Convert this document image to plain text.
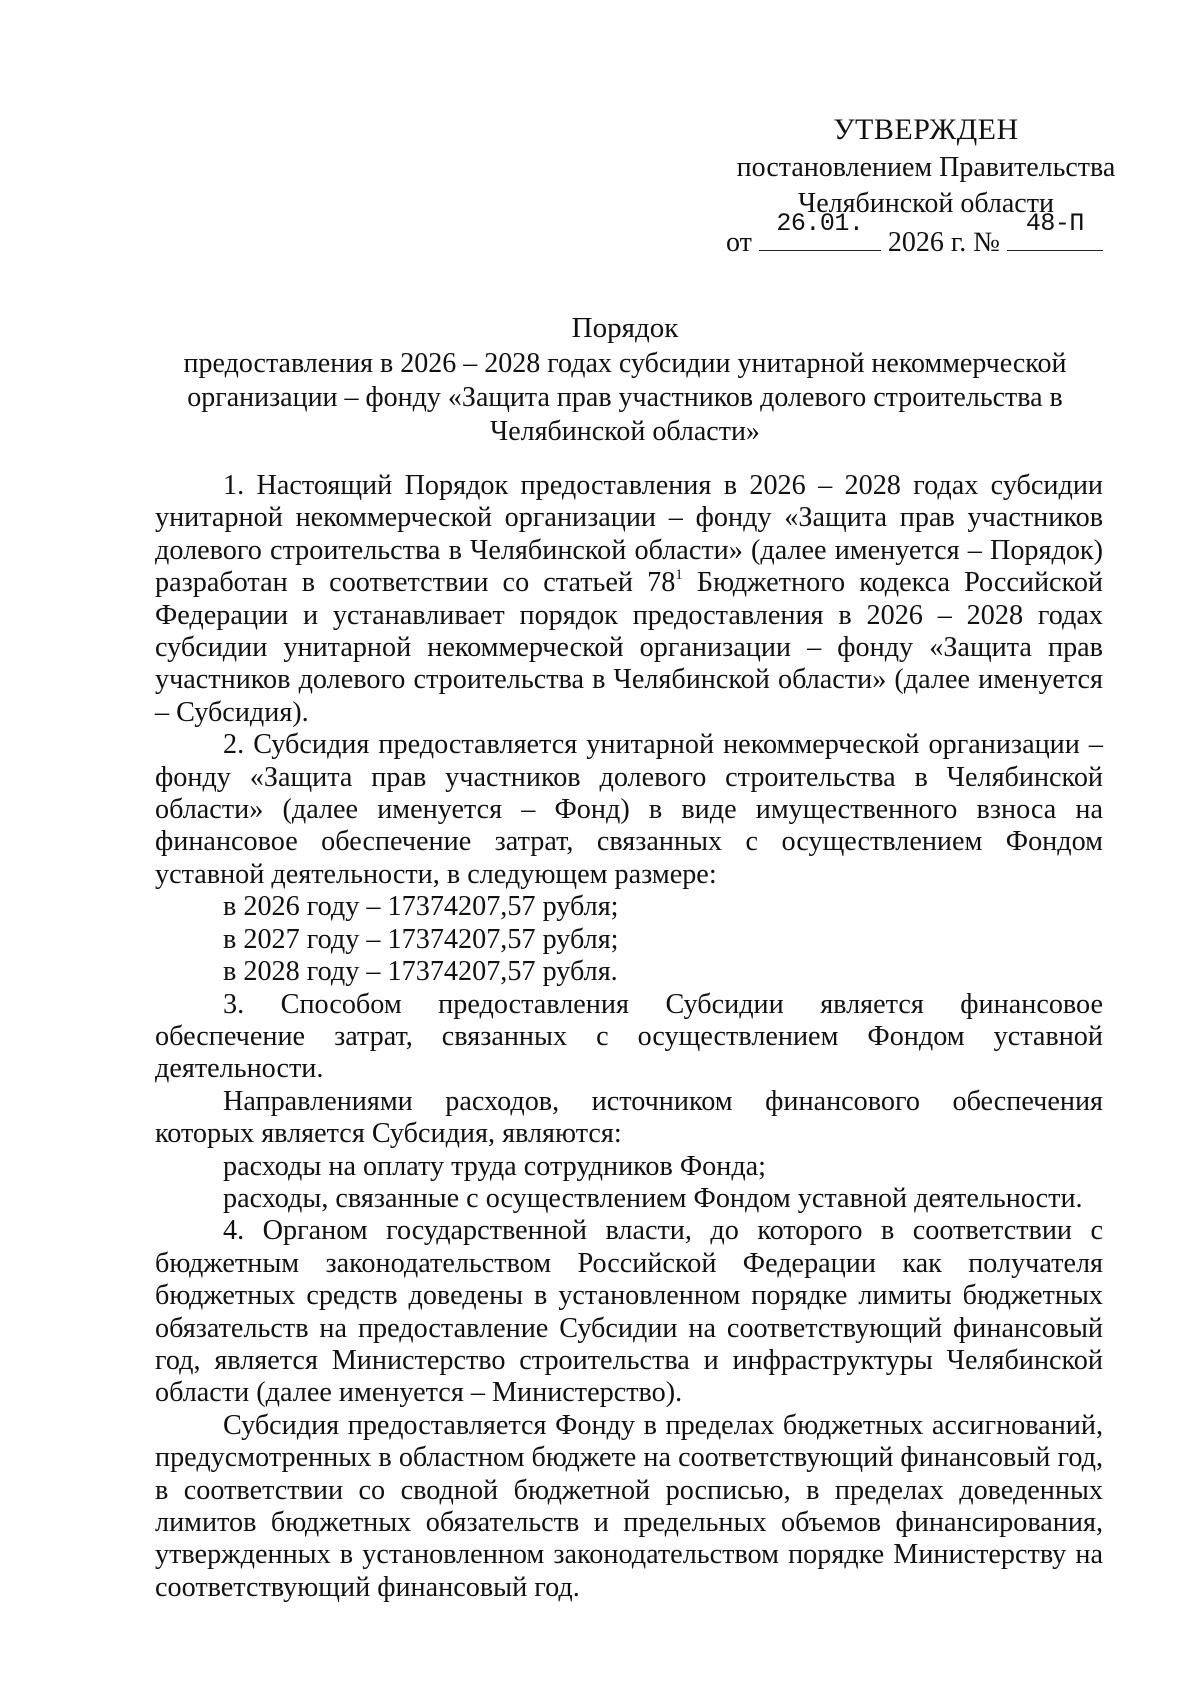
УТВЕРЖДЕН
постановлением Правительства
Челябинской области
от
26.01.
2026 г. №
48-П
Порядок
предоставления в 2026 – 2028 годах субсидии унитарной некоммерческой организации – фонду «Защита прав участников долевого строительства в Челябинской области»

1. Настоящий Порядок предоставления в 2026 – 2028 годах субсидии унитарной некоммерческой организации – фонду «Защита прав участников долевого строительства в Челябинской области» (далее именуется – Порядок) разработан в соответствии со статьей $78^1$ Бюджетного кодекса Российской Федерации и устанавливает порядок предоставления в 2026 – 2028 годах субсидии унитарной некоммерческой организации – фонду «Защита прав участников долевого строительства в Челябинской области» (далее именуется – Субсидия).

2. Субсидия предоставляется унитарной некоммерческой организации – фонду «Защита прав участников долевого строительства в Челябинской области» (далее именуется – Фонд) в виде имущественного взноса на финансовое обеспечение затрат, связанных с осуществлением Фондом уставной деятельности, в следующем размере:

в 2026 году – 17374207,57 рубля;

в 2027 году – 17374207,57 рубля;

в 2028 году – 17374207,57 рубля.

3. Способом предоставления Субсидии является финансовое обеспечение затрат, связанных с осуществлением Фондом уставной деятельности.

Направлениями расходов, источником финансового обеспечения которых является Субсидия, являются:

расходы на оплату труда сотрудников Фонда;

расходы, связанные с осуществлением Фондом уставной деятельности.

4. Органом государственной власти, до которого в соответствии с бюджетным законодательством Российской Федерации как получателя бюджетных средств доведены в установленном порядке лимиты бюджетных обязательств на предоставление Субсидии на соответствующий финансовый год, является Министерство строительства и инфраструктуры Челябинской области (далее именуется – Министерство).

Субсидия предоставляется Фонду в пределах бюджетных ассигнований, предусмотренных в областном бюджете на соответствующий финансовый год, в соответствии со сводной бюджетной росписью, в пределах доведенных лимитов бюджетных обязательств и предельных объемов финансирования, утвержденных в установленном законодательством порядке Министерству на соответствующий финансовый год.
